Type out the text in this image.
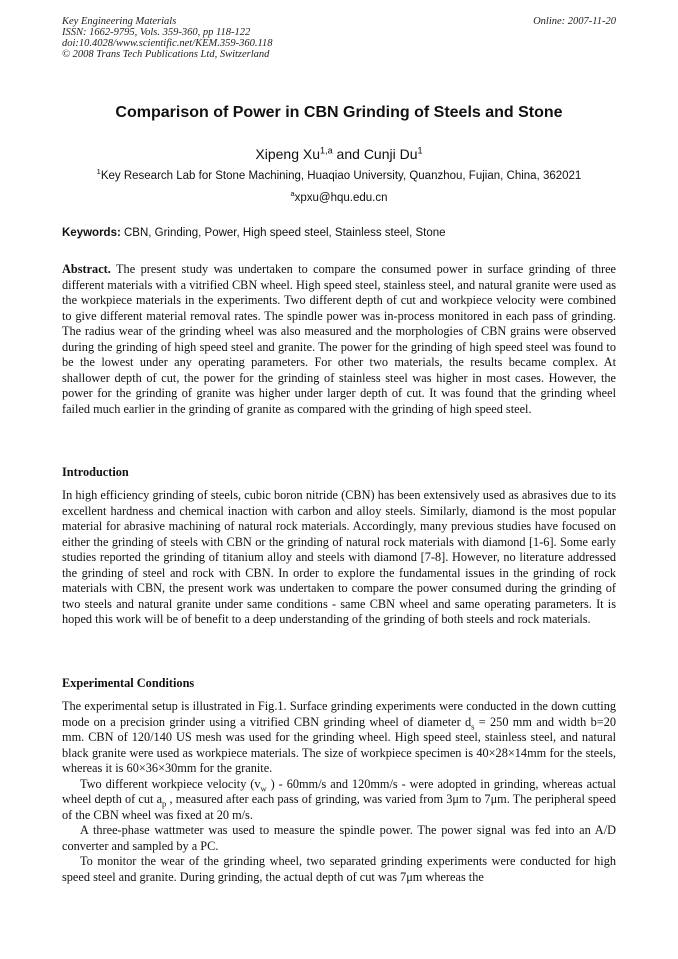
Key Engineering Materials
ISSN: 1662-9795, Vols. 359-360, pp 118-122
doi:10.4028/www.scientific.net/KEM.359-360.118
© 2008 Trans Tech Publications Ltd, Switzerland
Online: 2007-11-20
Comparison of Power in CBN Grinding of Steels and Stone
Xipeng Xu$^{1,a}$ and Cunji Du$^1$
$^1$Key Research Lab for Stone Machining, Huaqiao University, Quanzhou, Fujian, China, 362021
$^a$xpxu@hqu.edu.cn
Keywords: CBN, Grinding, Power, High speed steel, Stainless steel, Stone
Abstract. The present study was undertaken to compare the consumed power in surface grinding of three different materials with a vitrified CBN wheel. High speed steel, stainless steel, and natural granite were used as the workpiece materials in the experiments. Two different depth of cut and workpiece velocity were combined to give different material removal rates. The spindle power was in-process monitored in each pass of grinding. The radius wear of the grinding wheel was also measured and the morphologies of CBN grains were observed during the grinding of high speed steel and granite. The power for the grinding of high speed steel was found to be the lowest under any operating parameters. For other two materials, the results became complex. At shallower depth of cut, the power for the grinding of stainless steel was higher in most cases. However, the power for the grinding of granite was higher under larger depth of cut. It was found that the grinding wheel failed much earlier in the grinding of granite as compared with the grinding of high speed steel.
Introduction
In high efficiency grinding of steels, cubic boron nitride (CBN) has been extensively used as abrasives due to its excellent hardness and chemical inaction with carbon and alloy steels. Similarly, diamond is the most popular material for abrasive machining of natural rock materials. Accordingly, many previous studies have focused on either the grinding of steels with CBN or the grinding of natural rock materials with diamond [1-6]. Some early studies reported the grinding of titanium alloy and steels with diamond [7-8]. However, no literature addressed the grinding of steel and rock with CBN. In order to explore the fundamental issues in the grinding of rock materials with CBN, the present work was undertaken to compare the power consumed during the grinding of two steels and natural granite under same conditions - same CBN wheel and same operating parameters. It is hoped this work will be of benefit to a deep understanding of the grinding of both steels and rock materials.
Experimental Conditions

The experimental setup is illustrated in Fig.1. Surface grinding experiments were conducted in the down cutting mode on a precision grinder using a vitrified CBN grinding wheel of diameter $d_s = 250$ mm and width b=20 mm. CBN of 120/140 US mesh was used for the grinding wheel. High speed steel, stainless steel, and natural black granite were used as workpiece materials. The size of workpiece specimen is 40×28×14mm for the steels, whereas it is 60×36×30mm for the granite.

Two different workpiece velocity ($v_w$ ) - 60mm/s and 120mm/s - were adopted in grinding, whereas actual wheel depth of cut $a_p$ , measured after each pass of grinding, was varied from 3μm to 7μm. The peripheral speed of the CBN wheel was fixed at 20 m/s.

A three-phase wattmeter was used to measure the spindle power. The power signal was fed into an A/D converter and sampled by a PC.

To monitor the wear of the grinding wheel, two separated grinding experiments were conducted for high speed steel and granite. During grinding, the actual depth of cut was 7μm whereas the
